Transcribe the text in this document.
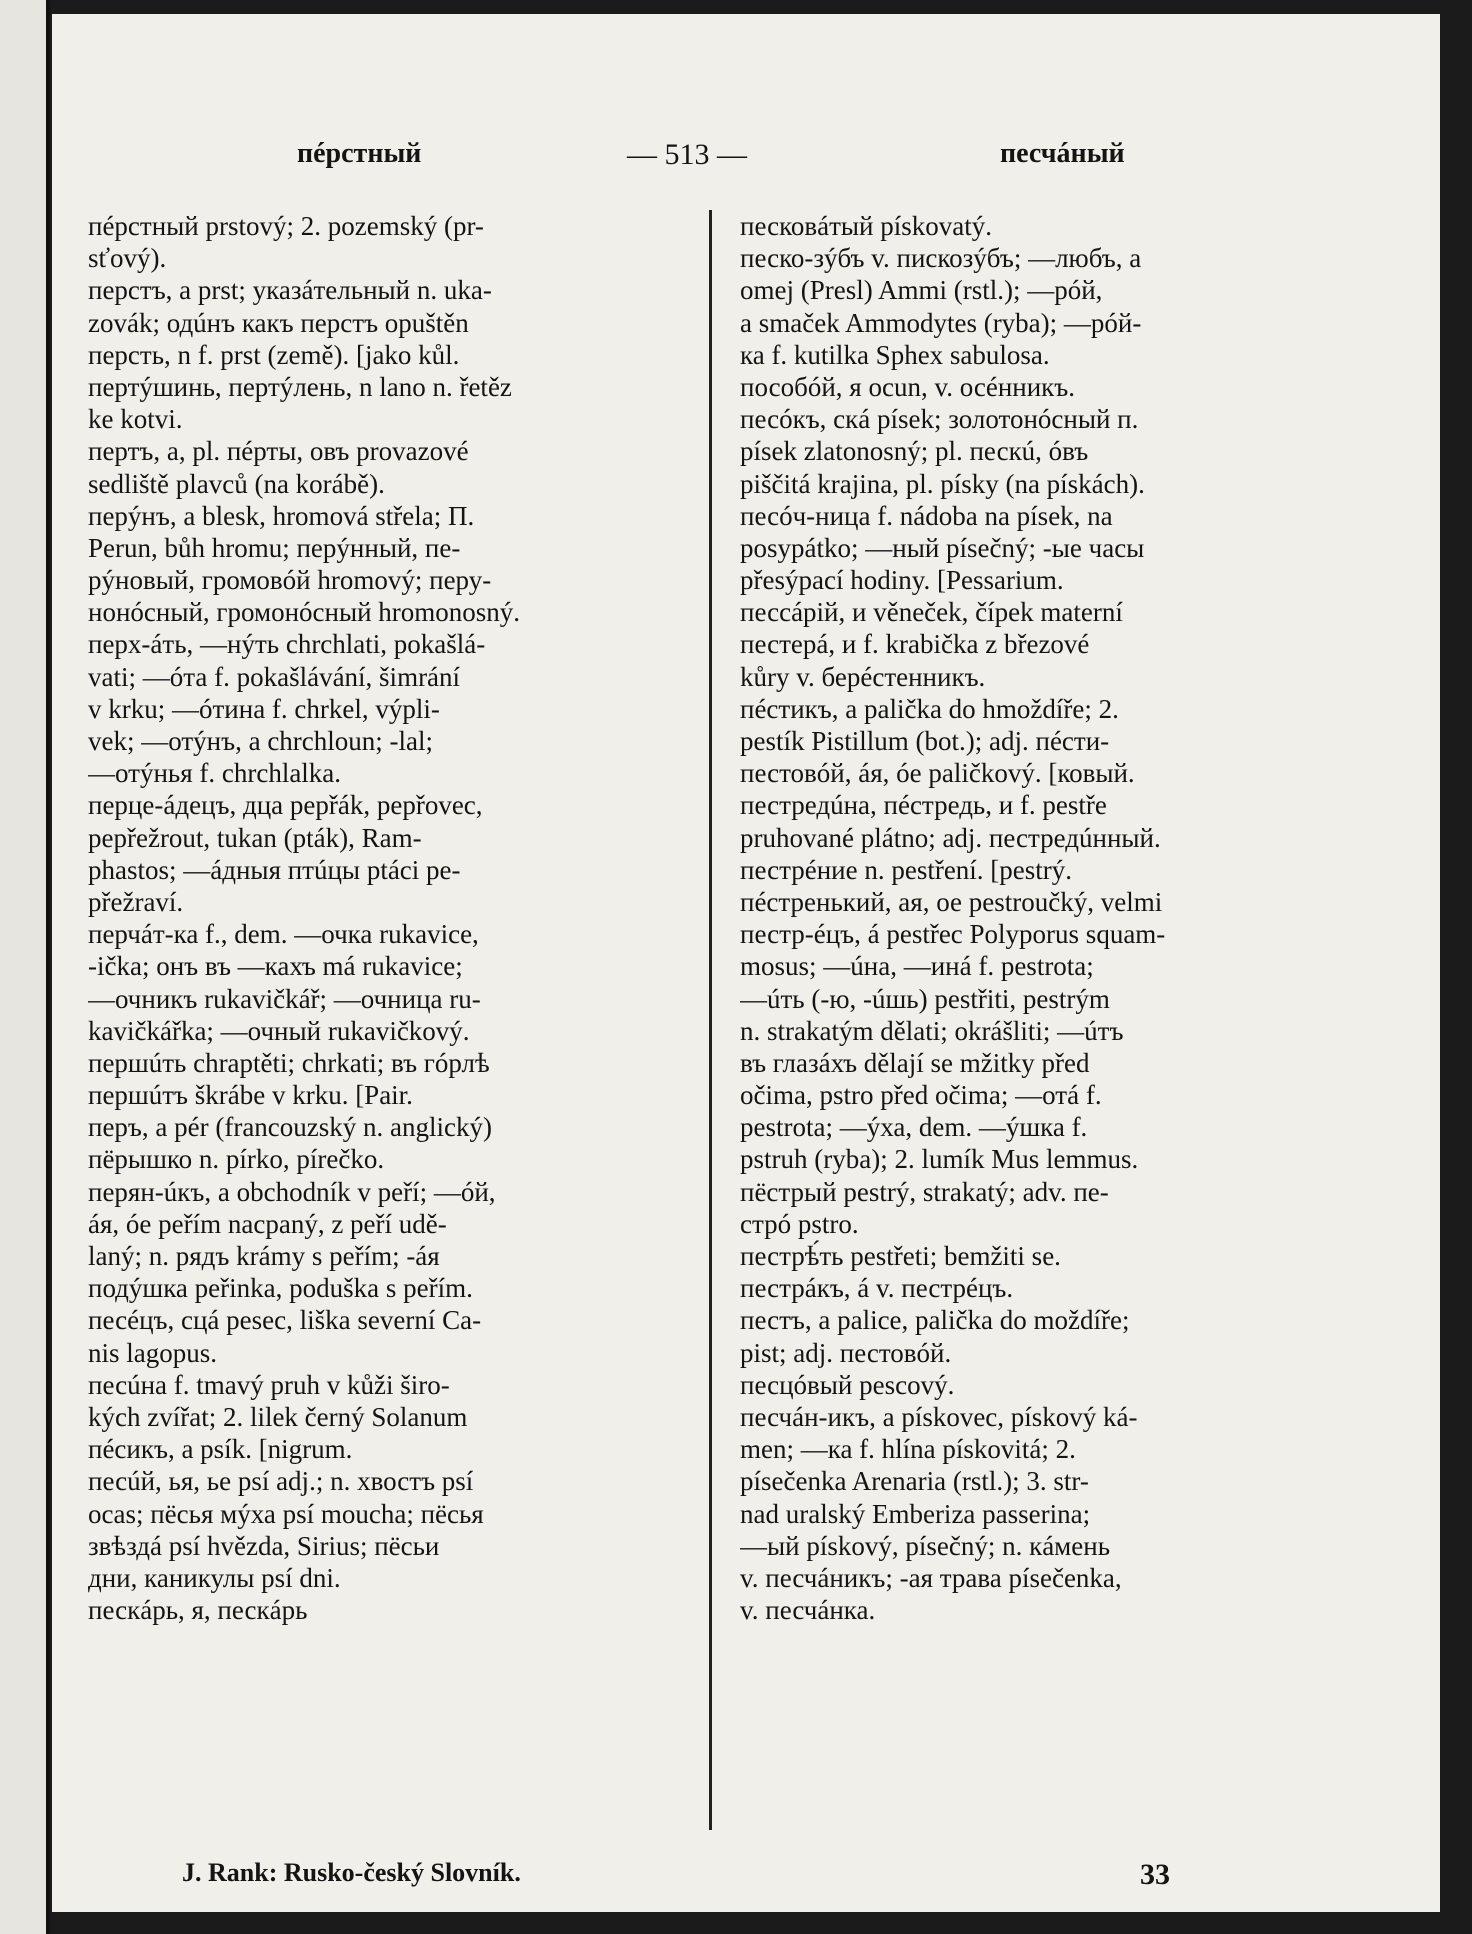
пéрстный	— 513 —	песчáный
пéрстный prstový; 2. pozemský (pr-
sťový).
перстъ, a prst; указáтельный n. uka-
zovák; одúнъ какъ перстъ opuštěn
персть, n f. prst (země). [jako kůl.
пертýшинь, пертýлень, n lano n. řetěz
ke kotvi.
пертъ, a, pl. пéрты, овъ provazové
sedliště plavců (na korábě).
перýнъ, a blesk, hromová střela; П.
Perun, bůh hromu; перýнный, пе-
рýновый, громовóй hromový; перу-
нонóсный, громонóсный hromonosný.
перх-áть, —нýть chrchlati, pokašlá-
vati; —óта f. pokašlávání, šimrání
v krku; —óтина f. chrkel, výpli-
vek; —отýнъ, a chrchloun; -lal;
—отýнья f. chrchlalka.
перце-áдецъ, дца pepřák, pepřovec,
pepřežrout, tukan (pták), Ram-
phastos; —áдныя птúцы ptáci pe-
přežraví.
перчáт-ка f., dem. —очка rukavice,
-ička; онъ въ —кахъ má rukavice;
—очникъ rukavičkář; —очница ru-
kavičkářka; —очный rukavičkový.
першúть chraptěti; chrkati; въ гóрлѣ
першúтъ škrábe v krku. [Pair.
перъ, a pér (francouzský n. anglický)
пёрышко n. pírko, pírečko.
перян-úкъ, a obchodník v peří; —óй,
áя, óе peřím nacpaný, z peří udě-
laný; n. рядъ krámy s peřím; -áя
подýшка peřinka, poduška s peřím.
песéцъ, сцá pesec, liška severní Ca-
nis lagopus.
песúна f. tmavý pruh v kůži širo-
kých zvířat; 2. lilek černý Solanum
пéсикъ, a psík. [nigrum.
песúй, ья, ье psí adj.; n. хвостъ psí
ocas; пёсья мýха psí moucha; пёсья
звѣздá psí hvězda, Sirius; пёсьи
дни, каникулы psí dni.
пескáрь, я, пескáрь
песковáтый pískovatý.
песко-зýбъ v. пискозýбъ; —любъ, a
omej (Presl) Ammi (rstl.); —рóй,
a smaček Ammodytes (ryba); —рóй-
ка f. kutilka Sphex sabulosa.
пособóй, я ocun, v. осéнникъ.
песóкъ, скá písek; золотонóсный п.
písek zlatonosný; pl. пескú, óвъ
piščitá krajina, pl. písky (na pískách).
песóч-ница f. nádoba na písek, na
posypátko; —ный písečný; -ые часы
přesýpací hodiny. [Pessarium.
пессáрій, и věneček, čípek materní
пестерá, и f. krabička z březové
kůry v. берéстенникъ.
пéстикъ, a palička do hmoždíře; 2.
pestík Pistillum (bot.); adj. пéсти-
пестовóй, áя, óе paličkový. [ковый.
пестредúна, пéстредь, и f. pestře
pruhované plátno; adj. пестредúнный.
пестрéние n. pestření. [pestrý.
пéстренький, ая, ое pestroučký, velmi
пестр-éцъ, á pestřec Polyporus squam-
mosus; —úна, —инá f. pestrota;
—úть (-ю, -úшь) pestřiti, pestrým
n. strakatým dělati; okrášliti; —úтъ
въ глазáхъ dělají se mžitky před
očima, pstro před očima; —отá f.
pestrota; —ýха, dem. —ýшка f.
pstruh (ryba); 2. lumík Mus lemmus.
пёстрый pestrý, strakatý; adv. пе-
стрó pstro.
пестрѣ́ть pestřeti; bemžiti se.
пестрáкъ, á v. пестрéцъ.
пестъ, a palice, palička do moždíře;
pist; adj. пестовóй.
песцóвый pescový.
песчáн-икъ, a pískovec, pískový ká-
men; —ка f. hlína pískovitá; 2.
písečenka Arenaria (rstl.); 3. str-
nad uralský Emberiza passerina;
—ый pískový, písečný; n. кáмень
v. песчáникъ; -ая трава písečenka,
v. песчáнка.
J. Rank: Rusko-český Slovník.	33
